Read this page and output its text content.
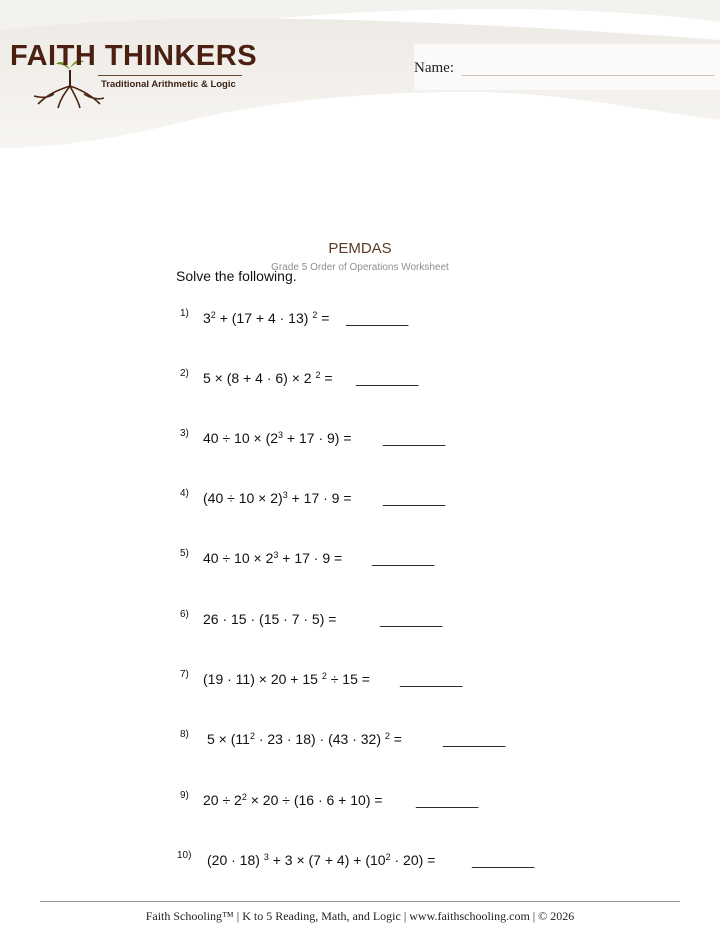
FAITH THINKERS
Traditional Arithmetic & Logic
Name:
PEMDAS
Grade 5 Order of Operations Worksheet
Solve the following.
1) $3^2 + (17 + 4 \cdot 13) ^2$ = ________
2) 5 × (8 + 4 · 6) × 2 $^2$ = ________
3) $40 \div 10 \times (2^3 + 17 \cdot 9)$ = ________
4) $(40 \div 10 \times 2)^3 + 17 \cdot 9$ = ________
5) $40 \div 10 \times 2^3 + 17 \cdot 9$ = ________
6) 26 · 15 · (15 · 7 · 5) =	________
7) (19 · 11) × 20 + 15 $^2$ ÷ 15 = ________
8) $5 \times (11^2 \cdot 23 \cdot 18) \cdot (43 \cdot 32) ^2$ =	________
9) $20 \div 2^2 \times 20 \div (16 \cdot 6 + 10)$ = ________
10) (20 · 18) $^3 + 3 \times (7 + 4) + (10^2 \cdot 20)$ =	________
Faith Schooling™ | K to 5 Reading, Math, and Logic | www.faithschooling.com | © 2026
